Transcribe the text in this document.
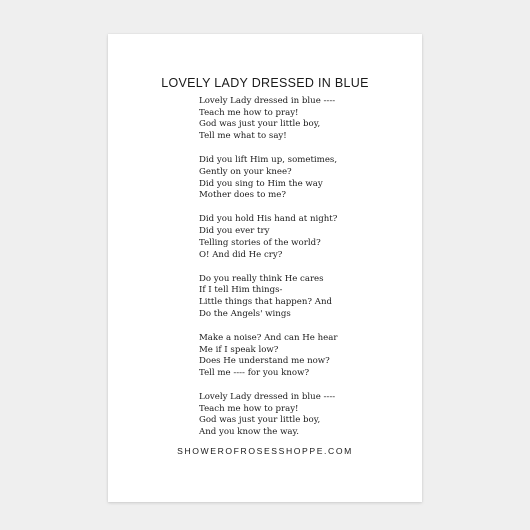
LOVELY LADY DRESSED IN BLUE
Lovely Lady dressed in blue ----
Teach me how to pray!
God was just your little boy,
Tell me what to say!
Did you lift Him up, sometimes,
Gently on your knee?
Did you sing to Him the way
Mother does to me?
Did you hold His hand at night?
Did you ever try
Telling stories of the world?
O! And did He cry?
Do you really think He cares
If I tell Him things-
Little things that happen? And
Do the Angels' wings
Make a noise? And can He hear
Me if I speak low?
Does He understand me now?
Tell me ---- for you know?
Lovely Lady dressed in blue ----
Teach me how to pray!
God was just your little boy,
And you know the way.
SHOWEROFROSESSHOPPE.COM
